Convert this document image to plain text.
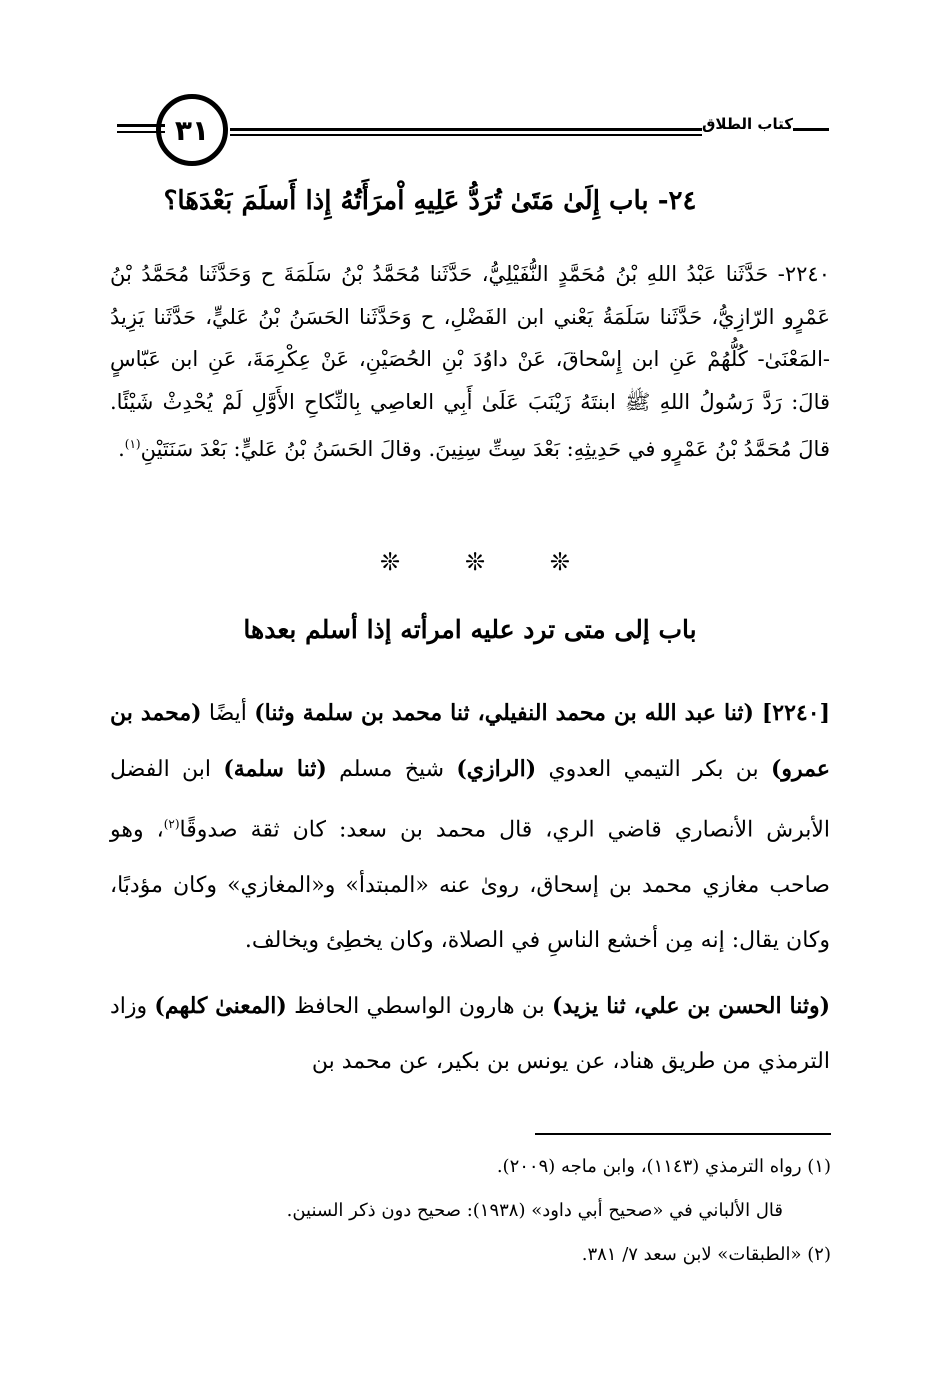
٣١	كتاب الطلاق
٢٤- باب إِلَىٰ مَتَىٰ تُرَدُّ عَلِيهِ اْمرَأَتُهُ إِذا أَسلَمَ بَعْدَهَا؟
٢٢٤٠- حَدَّثَنا عَبْدُ اللهِ بْنُ مُحَمَّدٍ النُّفَيْلِيُّ، حَدَّثَنا مُحَمَّدُ بْنُ سَلَمَةَ ح وَحَدَّثَنا مُحَمَّدُ بْنُ عَمْرٍو الرّازِيُّ، حَدَّثَنا سَلَمَةُ يَعْني ابن الفَضْلِ، ح وَحَدَّثَنا الحَسَنُ بْنُ عَليٍّ، حَدَّثَنا يَزِيدُ -المَعْنَىٰ- كُلُّهُمْ عَنِ ابن إِسْحاقَ، عَنْ داوُدَ بْنِ الحُصَيْنِ، عَنْ عِكْرِمَةَ، عَنِ ابن عَبّاسٍ قالَ: رَدَّ رَسُولُ اللهِ ﷺ ابنتَهُ زَيْنَبَ عَلَىٰ أَبِي العاصِي بِالنِّكاحِ الأَوَّلِ لَمْ يُحْدِثْ شَيْئًا. قالَ مُحَمَّدُ بْنُ عَمْرٍو في حَدِيثِهِ: بَعْدَ سِتِّ سِنِينَ. وقالَ الحَسَنُ بْنُ عَليٍّ: بَعْدَ سَنَتَيْنِ$^{(١)}$.
❊	❊	❊
باب إلى متى ترد عليه امرأته إذا أسلم بعدها

[٢٢٤٠] (ثنا عبد الله بن محمد النفيلي، ثنا محمد بن سلمة وثنا) أيضًا (محمد بن عمرو) بن بكر التيمي العدوي (الرازي) شيخ مسلم (ثنا سلمة) ابن الفضل الأبرش الأنصاري قاضي الري، قال محمد بن سعد: كان ثقة صدوقًا$^{(٢)}$، وهو صاحب مغازي محمد بن إسحاق، روىٰ عنه «المبتدأ» و«المغازي» وكان مؤدبًا، وكان يقال: إنه مِن أخشع الناسِ في الصلاة، وكان يخطِئ ويخالف.

(وثنا الحسن بن علي، ثنا يزيد) بن هارون الواسطي الحافظ (المعنىٰ كلهم) وزاد الترمذي من طريق هناد، عن يونس بن بكير، عن محمد بن

(١) رواه الترمذي (١١٤٣)، وابن ماجه (٢٠٠٩).
قال الألباني في «صحيح أبي داود» (١٩٣٨): صحيح دون ذكر السنين.
(٢) «الطبقات» لابن سعد ٧/ ٣٨١.
